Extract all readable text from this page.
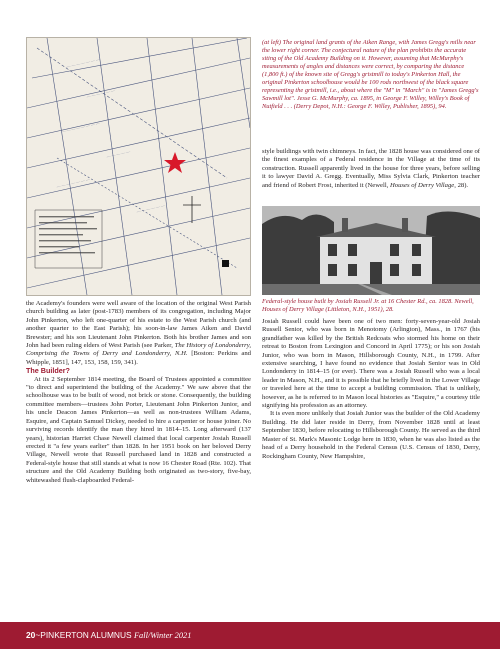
— — — — — — —
— — — — — —
— — — — — — — —
— — — — —
— — — — — — —
— — — — — —
(at left) The original land grants of the Aiken Range, with James Gregg's mills near the lower right corner. The conjectural nature of the plan prohibits the accurate siting of the Old Academy Building on it. However, assuming that McMurphy's measurements of angles and distances were correct, by comparing the distance (1,800 ft.) of the known site of Gregg's gristmill to today's Pinkerton Hall, the original Pinkerton schoolhouse would be 100 rods northwest of the black square representing the gristmill, i.e., about where the "M" in "March" is in "James Gregg's Sawmill lot". Jesse G. McMurphy, ca. 1895, in George F. Willey, Willey's Book of Nutfield . . . (Derry Depot, N.H.: George F. Willey, Publisher, 1895), 94.
style buildings with twin chimneys. In fact, the 1828 house was considered one of the finest examples of a Federal residence in the Village at the time of its construction. Russell apparently lived in the house for three years, before selling it to lawyer David A. Gregg. Eventually, Miss Sylvia Clark, Pinkerton teacher and friend of Robert Frost, inherited it (Newell, Houses of Derry Village, 28).
Federal-style house built by Josiah Russell Jr. at 16 Chester Rd., ca. 1828. Newell, Houses of Derry Village (Littleton, N.H., 1951), 28.

the Academy's founders were well aware of the location of the original West Parish church building as later (post-1783) members of its congregation, including Major John Pinkerton, who left one-quarter of his estate to the West Parish church (and another quarter to the East Parish); his soon-in-law James Aiken and David Brewster; and his son Lieutenant John Pinkerton. Both his brother James and son John had been ruling elders of West Parish (see Parker, The History of Londonderry, Comprising the Towns of Derry and Londonderry, N.H. [Boston: Perkins and Whipple, 1851], 147, 153, 158, 159, 341).

The Builder?

At its 2 September 1814 meeting, the Board of Trustees appointed a committee "to direct and superintend the building of the Academy." We saw above that the schoolhouse was to be built of wood, not brick or stone. Consequently, the building committee members—trustees John Porter, Lieutenant John Pinkerton Junior, and his uncle Deacon James Pinkerton—as well as non-trustees William Adams, Esquire, and Captain Samuel Dickey, needed to hire a carpenter or house joiner. No surviving records identify the man they hired in 1814–15. Long afterward (137 years), historian Harriet Chase Newell claimed that local carpenter Josiah Russell erected it "a few years earlier" than 1828. In her 1951 book on her beloved Derry Village, Newell wrote that Russell purchased land in 1828 and constructed a Federal-style house that still stands at what is now 16 Chester Road (Rte. 102). That structure and the Old Academy Building both originated as two-story, five-bay, whitewashed flush-clapboarded Federal-

Josiah Russell could have been one of two men: forty-seven-year-old Josiah Russell Senior, who was born in Menotomy (Arlington), Mass., in 1767 (his grandfather was killed by the British Redcoats who stormed his home on their retreat to Boston from Lexington and Concord in April 1775); or his son Josiah Junior, who was born in Mason, Hillsborough County, N.H., in 1799. After extensive searching, I have found no evidence that Josiah Senior was in Old Londonderry in 1814–15 (or ever). There was a Josiah Russell who was a local leader in Mason, N.H., and it is possible that he briefly lived in the Lower Village or traveled here at the time to accept a building commission. That is unlikely, however, as he is referred to in Mason local histories as "Esquire," a courtesy title signifying his profession as an attorney.

It is even more unlikely that Josiah Junior was the builder of the Old Academy Building. He did later reside in Derry, from November 1828 until at least September 1830, before relocating to Hillsborough County. He served as the third Master of St. Mark's Masonic Lodge here in 1830, when he was also listed as the head of a Derry household in the Federal Census (U.S. Census of 1830, Derry, Rockingham County, New Hampshire,

20~PINKERTON ALUMNUS Fall/Winter 2021
